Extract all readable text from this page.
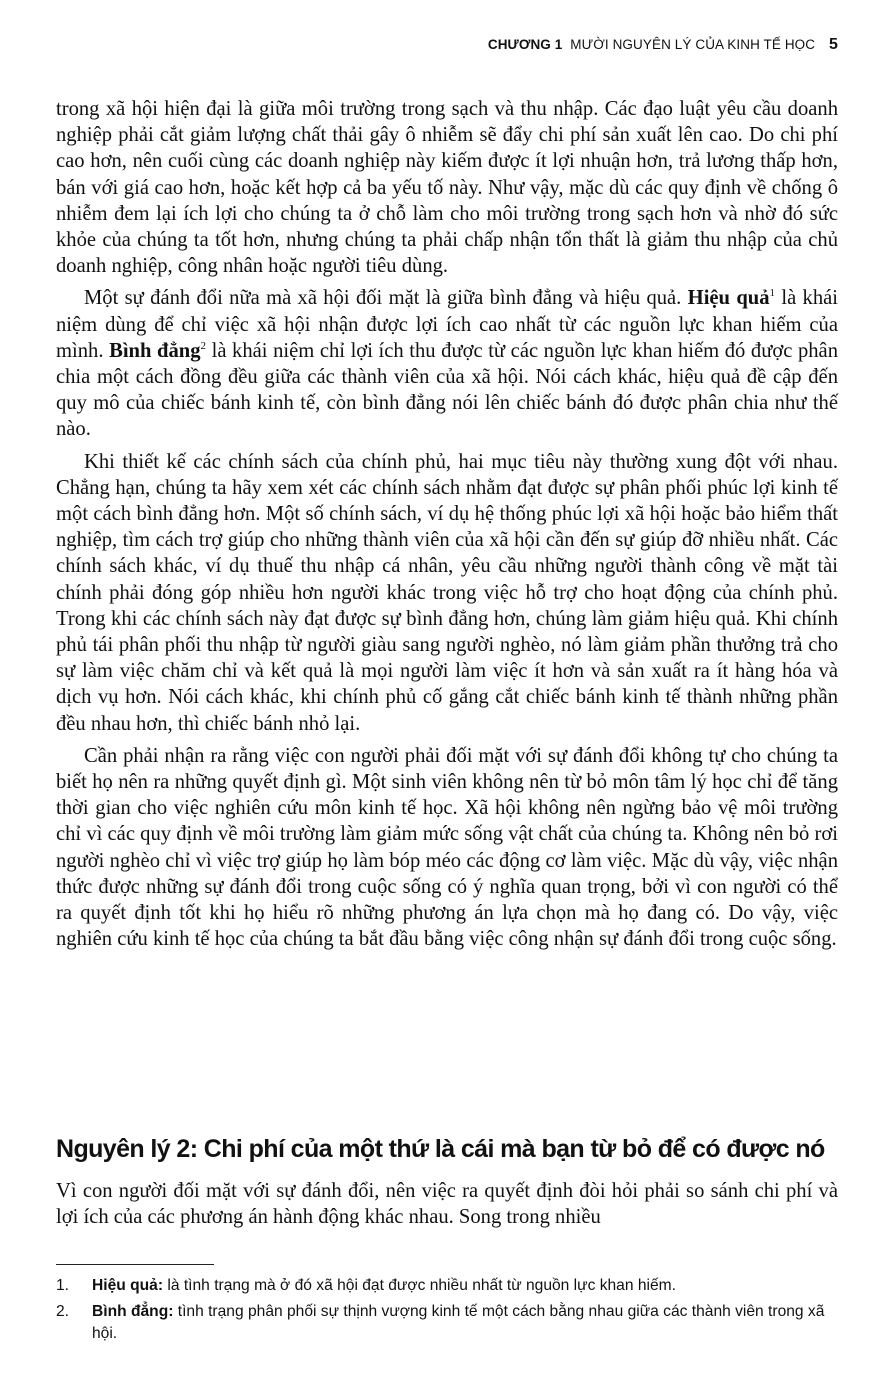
CHƯƠNG 1 MƯỜI NGUYÊN LÝ CỦA KINH TẾ HỌC 5

trong xã hội hiện đại là giữa môi trường trong sạch và thu nhập. Các đạo luật yêu cầu doanh nghiệp phải cắt giảm lượng chất thải gây ô nhiễm sẽ đẩy chi phí sản xuất lên cao. Do chi phí cao hơn, nên cuối cùng các doanh nghiệp này kiếm được ít lợi nhuận hơn, trả lương thấp hơn, bán với giá cao hơn, hoặc kết hợp cả ba yếu tố này. Như vậy, mặc dù các quy định về chống ô nhiễm đem lại ích lợi cho chúng ta ở chỗ làm cho môi trường trong sạch hơn và nhờ đó sức khỏe của chúng ta tốt hơn, nhưng chúng ta phải chấp nhận tổn thất là giảm thu nhập của chủ doanh nghiệp, công nhân hoặc người tiêu dùng.

Một sự đánh đổi nữa mà xã hội đối mặt là giữa bình đẳng và hiệu quả. Hiệu quả$^1$ là khái niệm dùng để chỉ việc xã hội nhận được lợi ích cao nhất từ các nguồn lực khan hiếm của mình. Bình đẳng$^2$ là khái niệm chỉ lợi ích thu được từ các nguồn lực khan hiếm đó được phân chia một cách đồng đều giữa các thành viên của xã hội. Nói cách khác, hiệu quả đề cập đến quy mô của chiếc bánh kinh tế, còn bình đẳng nói lên chiếc bánh đó được phân chia như thế nào.

Khi thiết kế các chính sách của chính phủ, hai mục tiêu này thường xung đột với nhau. Chẳng hạn, chúng ta hãy xem xét các chính sách nhằm đạt được sự phân phối phúc lợi kinh tế một cách bình đẳng hơn. Một số chính sách, ví dụ hệ thống phúc lợi xã hội hoặc bảo hiểm thất nghiệp, tìm cách trợ giúp cho những thành viên của xã hội cần đến sự giúp đỡ nhiều nhất. Các chính sách khác, ví dụ thuế thu nhập cá nhân, yêu cầu những người thành công về mặt tài chính phải đóng góp nhiều hơn người khác trong việc hỗ trợ cho hoạt động của chính phủ. Trong khi các chính sách này đạt được sự bình đẳng hơn, chúng làm giảm hiệu quả. Khi chính phủ tái phân phối thu nhập từ người giàu sang người nghèo, nó làm giảm phần thưởng trả cho sự làm việc chăm chỉ và kết quả là mọi người làm việc ít hơn và sản xuất ra ít hàng hóa và dịch vụ hơn. Nói cách khác, khi chính phủ cố gắng cắt chiếc bánh kinh tế thành những phần đều nhau hơn, thì chiếc bánh nhỏ lại.

Cần phải nhận ra rằng việc con người phải đối mặt với sự đánh đổi không tự cho chúng ta biết họ nên ra những quyết định gì. Một sinh viên không nên từ bỏ môn tâm lý học chỉ để tăng thời gian cho việc nghiên cứu môn kinh tế học. Xã hội không nên ngừng bảo vệ môi trường chỉ vì các quy định về môi trường làm giảm mức sống vật chất của chúng ta. Không nên bỏ rơi người nghèo chỉ vì việc trợ giúp họ làm bóp méo các động cơ làm việc. Mặc dù vậy, việc nhận thức được những sự đánh đổi trong cuộc sống có ý nghĩa quan trọng, bởi vì con người có thể ra quyết định tốt khi họ hiểu rõ những phương án lựa chọn mà họ đang có. Do vậy, việc nghiên cứu kinh tế học của chúng ta bắt đầu bằng việc công nhận sự đánh đổi trong cuộc sống.

Nguyên lý 2: Chi phí của một thứ là cái mà bạn từ bỏ để có được nó

Vì con người đối mặt với sự đánh đổi, nên việc ra quyết định đòi hỏi phải so sánh chi phí và lợi ích của các phương án hành động khác nhau. Song trong nhiều

1. Hiệu quả: là tình trạng mà ở đó xã hội đạt được nhiều nhất từ nguồn lực khan hiếm.
2. Bình đẳng: tình trạng phân phối sự thịnh vượng kinh tế một cách bằng nhau giữa các thành viên trong xã hội.
